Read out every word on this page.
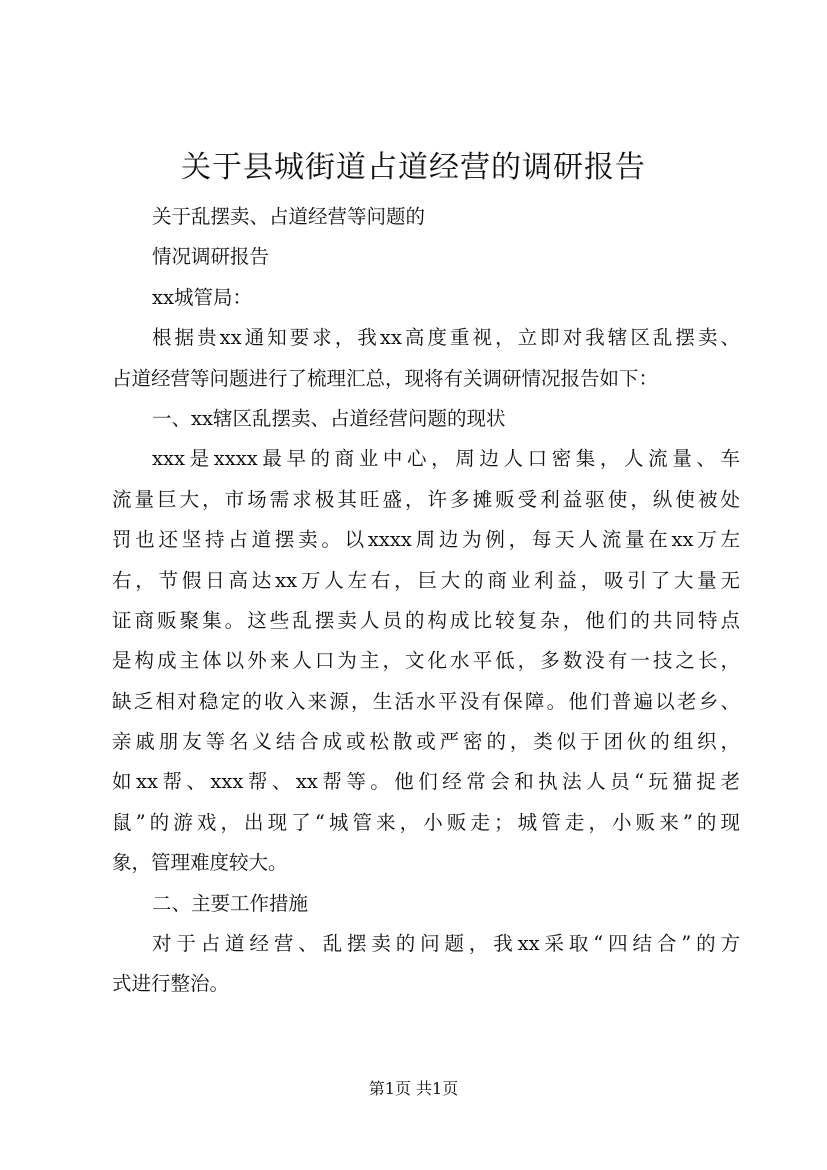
关于县城街道占道经营的调研报告
关于乱摆卖、占道经营等问题的
情况调研报告
xx城管局：
根据贵xx通知要求，我xx高度重视，立即对我辖区乱摆卖、
占道经营等问题进行了梳理汇总，现将有关调研情况报告如下：
一、xx辖区乱摆卖、占道经营问题的现状
xxx是xxxx最早的商业中心，周边人口密集，人流量、车
流量巨大，市场需求极其旺盛，许多摊贩受利益驱使，纵使被处
罚也还坚持占道摆卖。以xxxx周边为例，每天人流量在xx万左
右，节假日高达xx万人左右，巨大的商业利益，吸引了大量无
证商贩聚集。这些乱摆卖人员的构成比较复杂，他们的共同特点
是构成主体以外来人口为主，文化水平低，多数没有一技之长，
缺乏相对稳定的收入来源，生活水平没有保障。他们普遍以老乡、
亲戚朋友等名义结合成或松散或严密的，类似于团伙的组织，
如xx帮、xxx帮、xx帮等。他们经常会和执法人员“玩猫捉老
鼠”的游戏，出现了“城管来，小贩走；城管走，小贩来”的现
象，管理难度较大。
二、主要工作措施
对于占道经营、乱摆卖的问题，我xx采取“四结合”的方
式进行整治。
第1页 共1页
